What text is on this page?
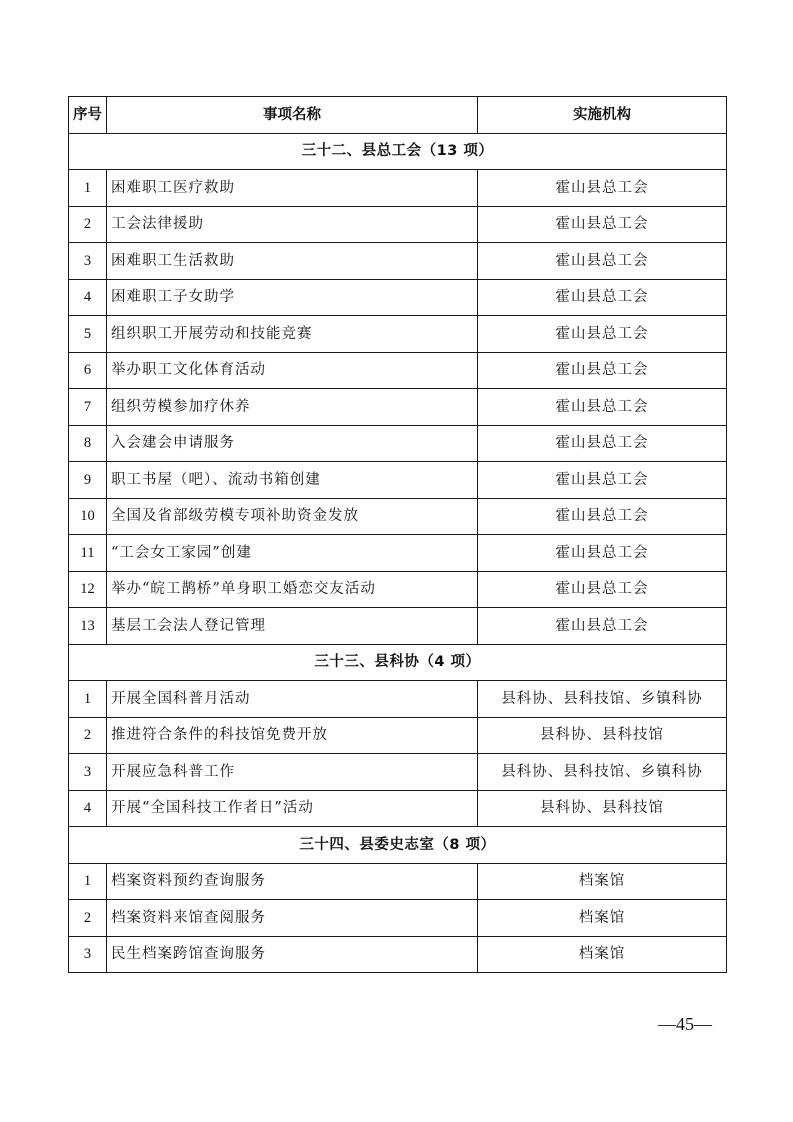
序号	事项名称	实施机构
三十二、县总工会（13 项）		
1	困难职工医疗救助	霍山县总工会
2	工会法律援助	霍山县总工会
3	困难职工生活救助	霍山县总工会
4	困难职工子女助学	霍山县总工会
5	组织职工开展劳动和技能竞赛	霍山县总工会
6	举办职工文化体育活动	霍山县总工会
7	组织劳模参加疗休养	霍山县总工会
8	入会建会申请服务	霍山县总工会
9	职工书屋（吧）、流动书箱创建	霍山县总工会
10	全国及省部级劳模专项补助资金发放	霍山县总工会
11	“工会女工家园”创建	霍山县总工会
12	举办“皖工鹊桥”单身职工婚恋交友活动	霍山县总工会
13	基层工会法人登记管理	霍山县总工会
三十三、县科协（4 项）		
1	开展全国科普月活动	县科协、县科技馆、乡镇科协
2	推进符合条件的科技馆免费开放	县科协、县科技馆
3	开展应急科普工作	县科协、县科技馆、乡镇科协
4	开展“全国科技工作者日”活动	县科协、县科技馆
三十四、县委史志室（8 项）		
1	档案资料预约查询服务	档案馆
2	档案资料来馆查阅服务	档案馆
3	民生档案跨馆查询服务	档案馆
—45—
